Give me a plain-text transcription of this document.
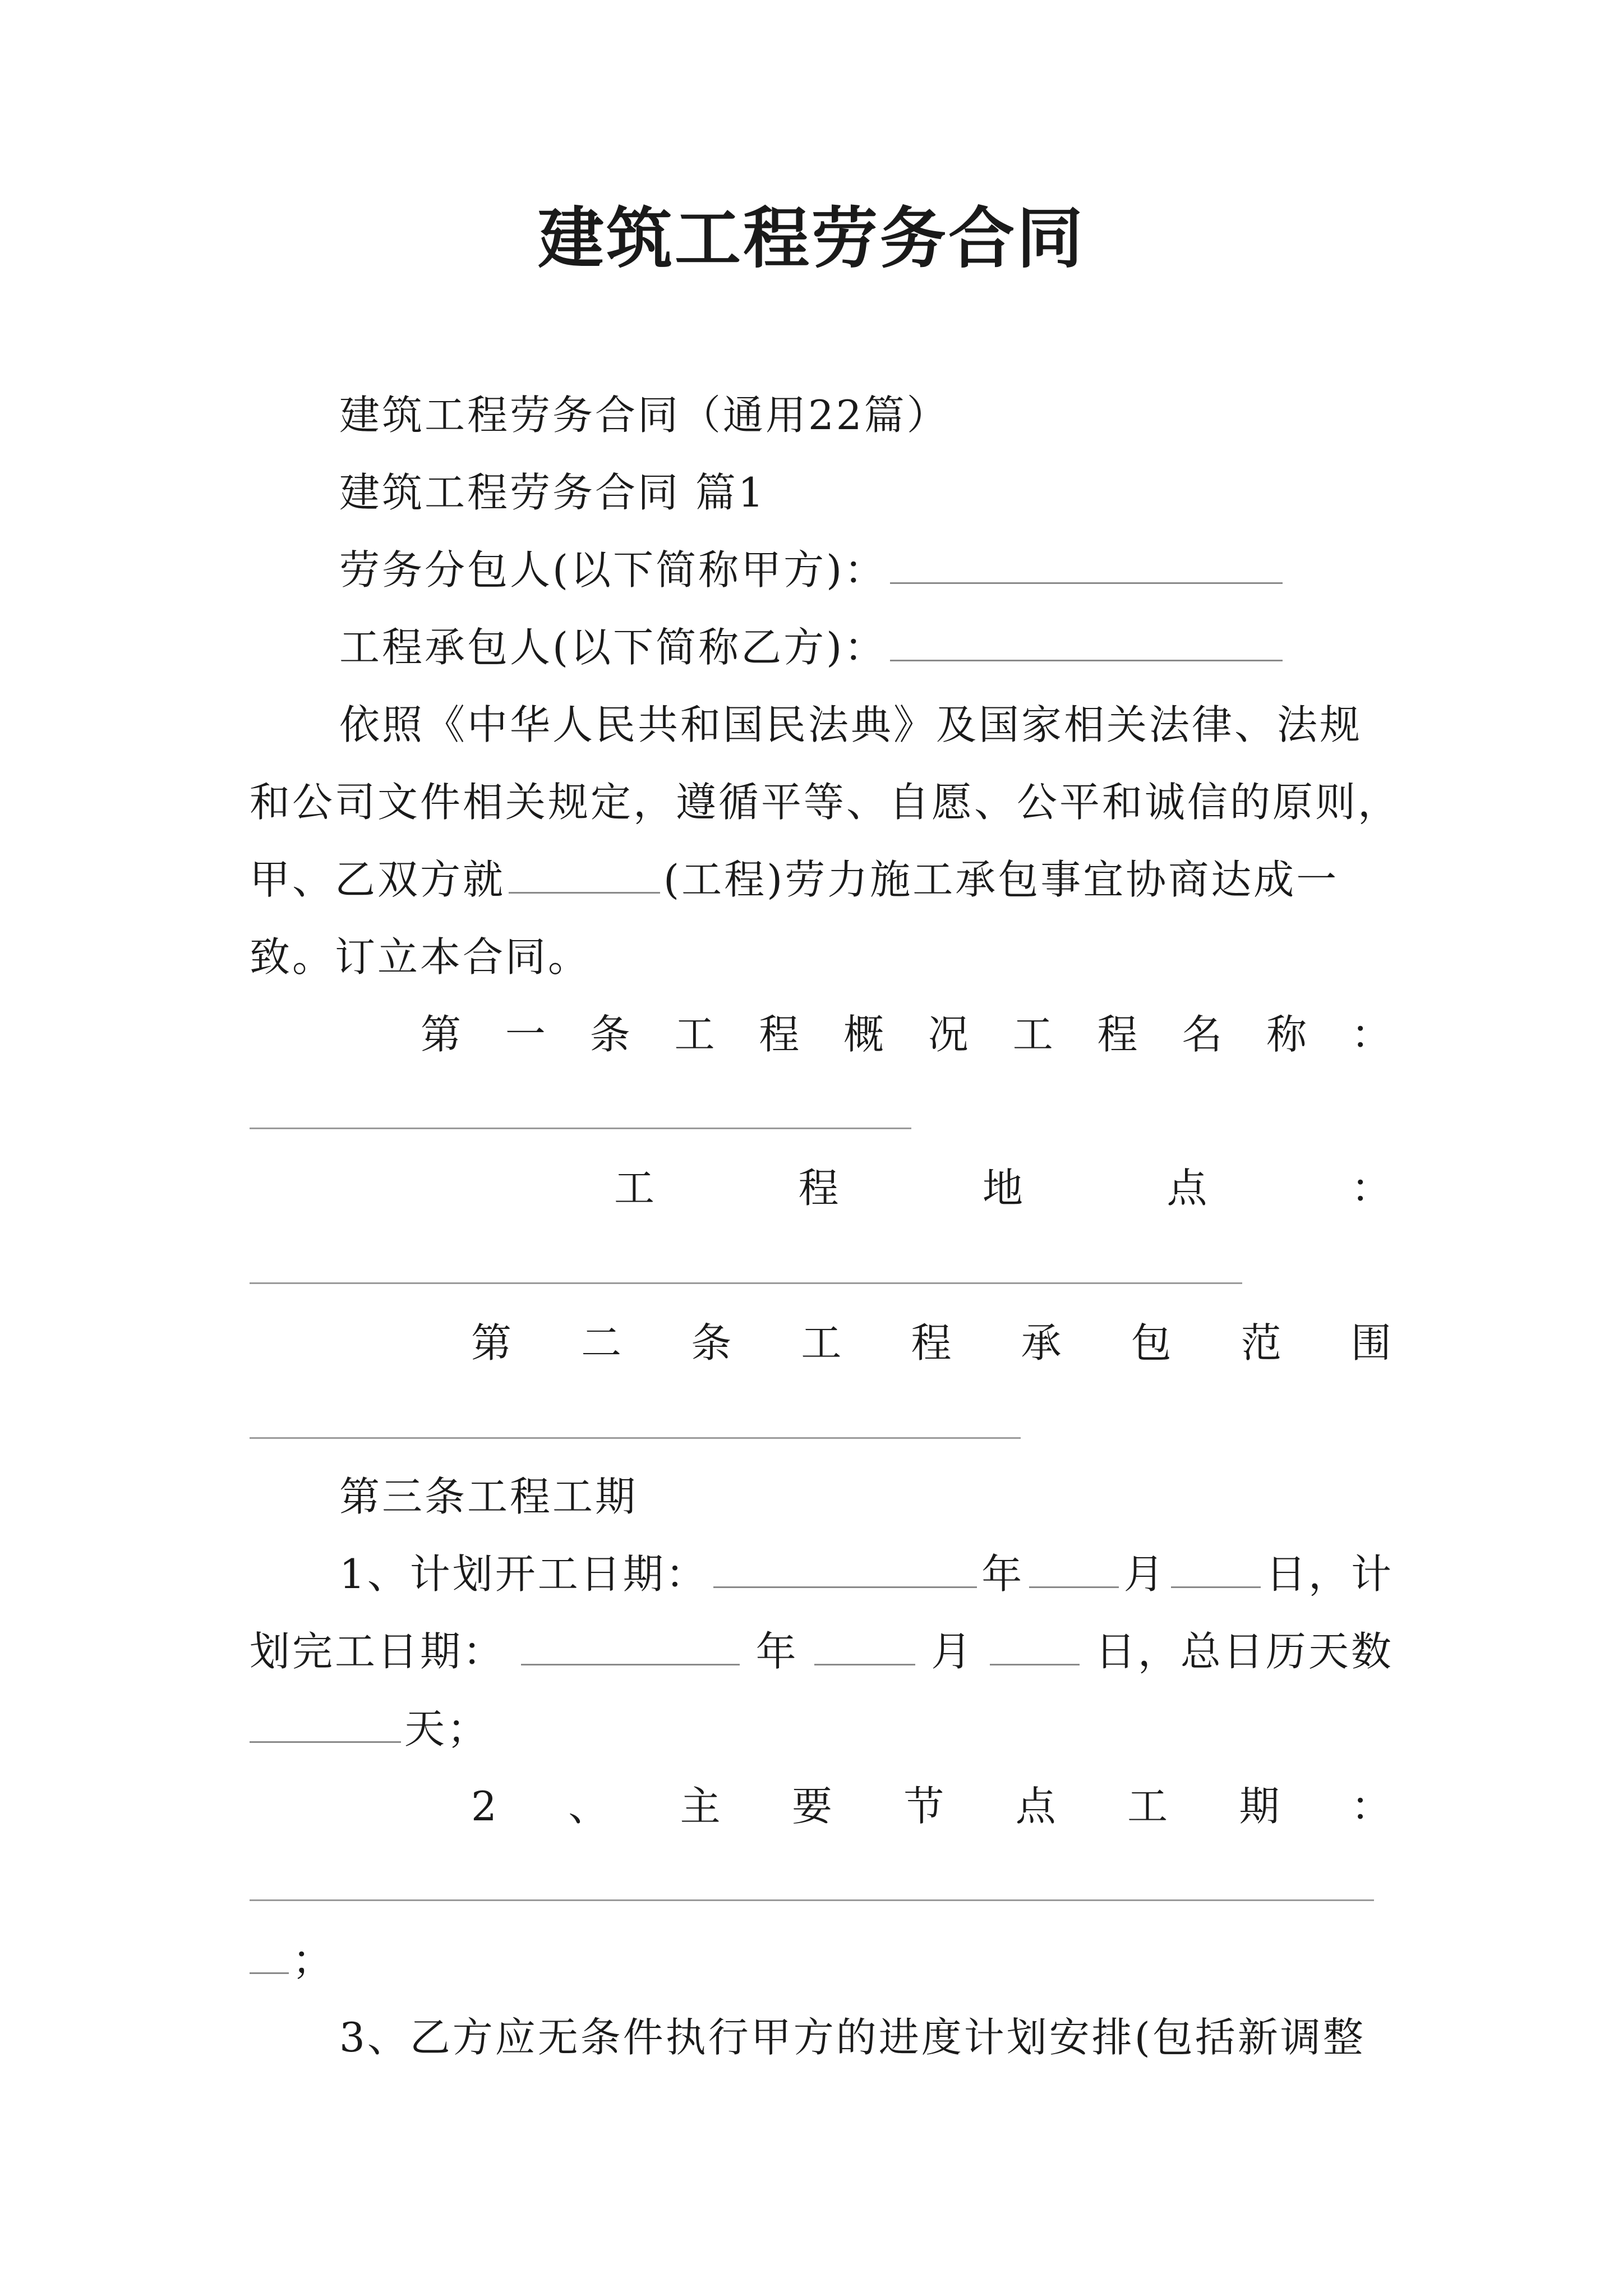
建筑工程劳务合同
建筑工程劳务合同（通用22篇）
建筑工程劳务合同 篇1
劳务分包人(以下简称甲方)：
工程承包人(以下简称乙方)：
依照《中华人民共和国民法典》及国家相关法律、法规
和公司文件相关规定，遵循平等、自愿、公平和诚信的原则，
甲、乙双方就	(工程)劳力施工承包事宜协商达成一
致。订立本合同。
第 一 条 工 程 概 况 工 程 名 称 ：
工	程	地	点	：
第 二 条 工 程 承 包 范 围
第三条工程工期
1、计划开工日期：	年 月 日，计
划完工日期：	年	月	日，总日历天数
天；
2 、 主 要 节 点 工 期 ：
；
3、乙方应无条件执行甲方的进度计划安排(包括新调整
